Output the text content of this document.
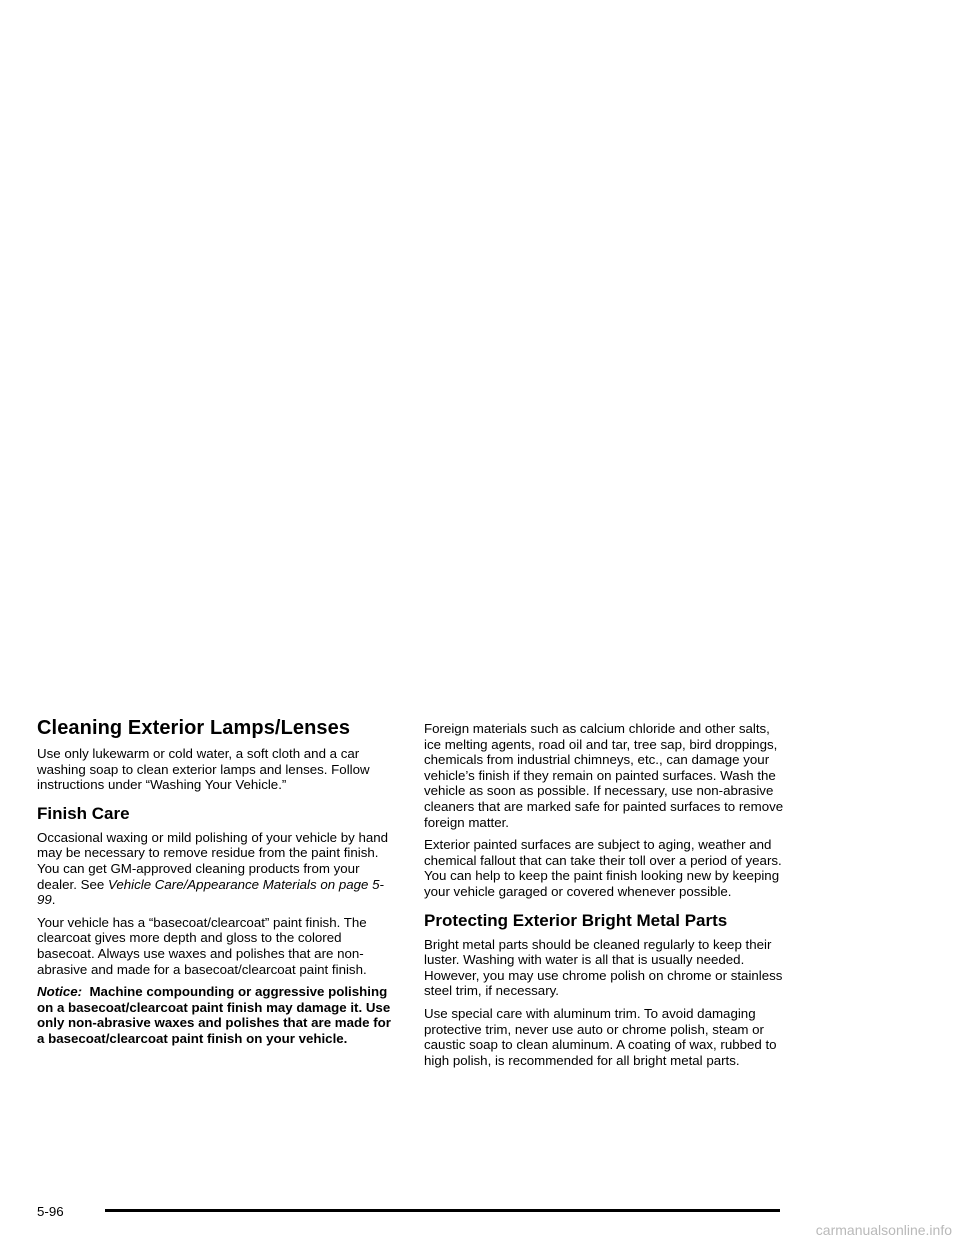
Cleaning Exterior Lamps/Lenses

Use only lukewarm or cold water, a soft cloth and a car washing soap to clean exterior lamps and lenses. Follow instructions under “Washing Your Vehicle.”

Finish Care

Occasional waxing or mild polishing of your vehicle by hand may be necessary to remove residue from the paint finish. You can get GM-approved cleaning products from your dealer. See Vehicle Care/Appearance Materials on page 5-99.

Your vehicle has a “basecoat/clearcoat” paint finish. The clearcoat gives more depth and gloss to the colored basecoat. Always use waxes and polishes that are non-abrasive and made for a basecoat/clearcoat paint finish.

Notice: Machine compounding or aggressive polishing on a basecoat/clearcoat paint finish may damage it. Use only non-abrasive waxes and polishes that are made for a basecoat/clearcoat paint finish on your vehicle.

Foreign materials such as calcium chloride and other salts, ice melting agents, road oil and tar, tree sap, bird droppings, chemicals from industrial chimneys, etc., can damage your vehicle’s finish if they remain on painted surfaces. Wash the vehicle as soon as possible. If necessary, use non-abrasive cleaners that are marked safe for painted surfaces to remove foreign matter.

Exterior painted surfaces are subject to aging, weather and chemical fallout that can take their toll over a period of years. You can help to keep the paint finish looking new by keeping your vehicle garaged or covered whenever possible.

Protecting Exterior Bright Metal Parts

Bright metal parts should be cleaned regularly to keep their luster. Washing with water is all that is usually needed. However, you may use chrome polish on chrome or stainless steel trim, if necessary.

Use special care with aluminum trim. To avoid damaging protective trim, never use auto or chrome polish, steam or caustic soap to clean aluminum. A coating of wax, rubbed to high polish, is recommended for all bright metal parts.

5-96
carmanualsonline.info
